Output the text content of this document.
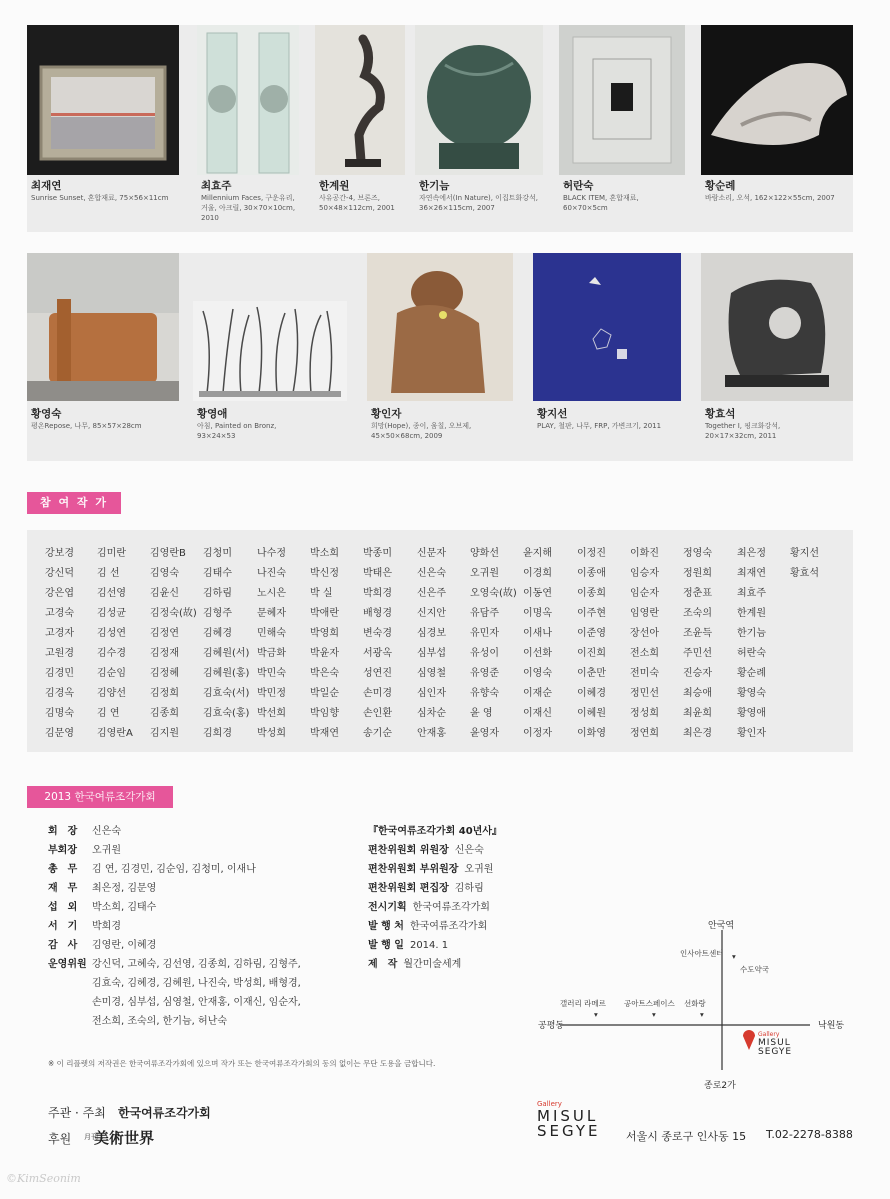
최재연
Sunrise Sunset, 혼합재료, 75×56×11cm
최효주
Millennium Faces, 구운유리,
거울, 아크릴, 30×70×10cm,
2010
한계원
사유공간-4, 브론즈,
50×48×112cm, 2001
한기늠
자연속에서(In Nature), 이집트화강석,
36×26×115cm, 2007
허란숙
BLACK ITEM, 혼합재료,
60×70×5cm
황순례
바람소리, 오석, 162×122×55cm, 2007
황영숙
평온Repose, 나무, 85×57×28cm
황영애
아침, Painted on Bronz,
93×24×53
황인자
희망(Hope), 종이, 움칠, 오브제,
45×50×68cm, 2009
황지선
PLAY, 철판, 나무, FRP, 가변크기, 2011
황효석
Together I, 핑크화강석,
20×17×32cm, 2011
참 여 작 가
강보경 김미란 김영란B 김청미	나수정 박소희 박종미	신문자 양화선 윤지해	이정진 이화진 정영숙	최은정 황지선
강신덕 김 선	김영숙 김태수	나진숙 박신정 박태은	신은숙 오귀원 이경희	이종애 임승자 정원희	최재연 황효석
강은엽 김선영 김윤신 김하림	노시은 박 실	박희경	신은주 오영숙(故) 이동연	이종희 임순자 정춘표	최효주
고경숙 김성균 김정숙(故) 김형주	문혜자 박애란 배형경	신지안 유담주 이명옥	이주현 임영란 조숙의	한계원
고경자 김성연 김정연 김혜경	민해숙 박영희 변숙경	심경보 유민자 이새나	이준영 장선아 조윤득	한기늠
고원경 김수경 김정재 김혜원(서) 박금화 박윤자 서광옥	심부섭 유성이 이선화	이진희 전소희 주민선	허란숙
김경민 김순임 김정혜 김혜원(홍) 박민숙 박은숙 성연진	심영철 유영준 이영숙	이춘만 전미숙 진승자	황순례
김경옥 김양선 김정희 김효숙(서) 박민정 박일순 손미경	심인자 유향숙 이재순	이혜경 정민선 최승애	황영숙
김명숙 김 연	김종희 김효숙(홍) 박선희 박임향 손인환	심차순 윤 영	이재신	이혜원 정성희 최윤희	황영애
김문영 김영란A 김지원 김희경	박성희 박재연 송기순	안재홍 윤영자 이정자	이화영 정연희 최은경	황인자
2013 한국여류조각가회
회　장 신은숙
부회장 오귀원
총　무 김 연, 김경민, 김순임, 김청미, 이새나
재　무 최은정, 김문영
섭　외 박소희, 김태수
서　기 박희경
감　사 김영란, 이혜경
운영위원 강신덕, 고혜숙, 김선영, 김종희, 김하림, 김형주,
김효숙, 김혜경, 김혜원, 나진숙, 박성희, 배형경,
손미경, 심부섭, 심영철, 안재홍, 이재신, 임순자,
전소희, 조숙의, 한기늠, 허난숙
『한국여류조각가회 40년사』
편찬위원회 위원장 신은숙
편찬위원회 부위원장 오귀원
편찬위원회 편집장 김하림
전시기획 한국여류조각가회
발 행 처 한국여류조각가회
발 행 일 2014. 1
제　작 월간미술세계
안국역
종로2가
공평동	낙원동
인사아트센터 ▾
수도약국
갤러리 라메르 공아트스페이스 선화랑
▾	▾	▾
Gallery
MISUL
SEGYE
※ 이 리플렛의 저작권은 한국여류조각가회에 있으며 작가 또는 한국여류조각가회의 동의 없이는 무단 도용을 금합니다.
주관 · 주최 한국여류조각가회
후원 月刊
美術世界
Gallery
MISUL
SEGYE 서울시 종로구 인사동 15 T.02-2278-8388
©KimSeonim
